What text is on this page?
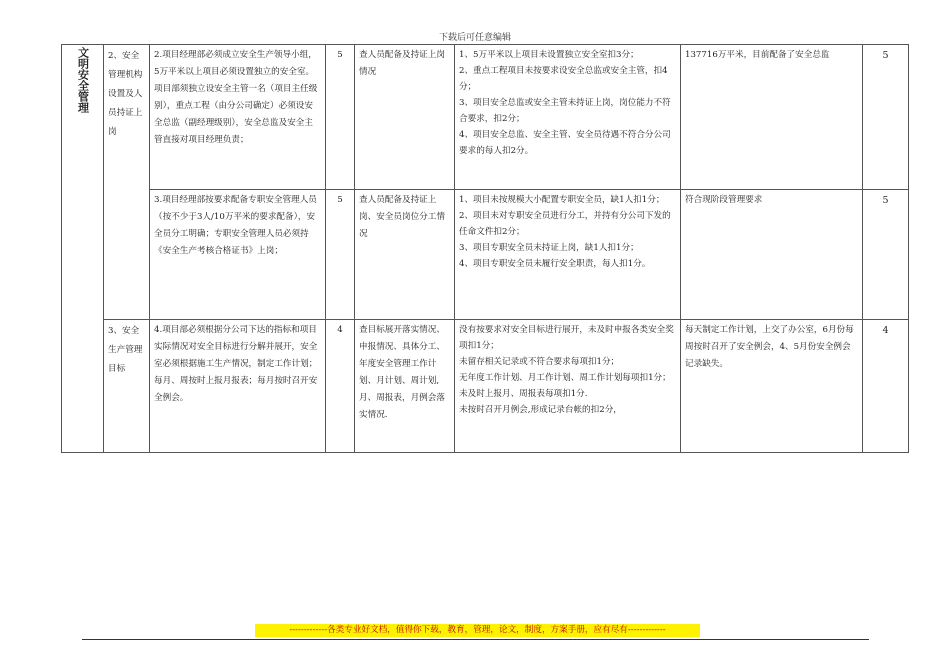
下载后可任意编辑
文明安全管理	2、安全管理机构设置及人员持证上岗	2.项目经理部必须成立安全生产领导小组，5万平米以上项目必须设置独立的安全室。项目部须独立设安全主管一名（项目主任级别），重点工程（由分公司确定）必须设安全总监（副经理级别），安全总监及安全主管直接对项目经理负责；	5	查人员配备及持证上岗情况	1、5万平米以上项目未设置独立安全室扣3分；
2、重点工程项目未按要求设安全总监或安全主管，扣4分；
3、项目安全总监或安全主管未持证上岗，岗位能力不符合要求，扣2分；
4、项目安全总监、安全主管、安全员待遇不符合分公司要求的每人扣2分。	137716万平米，目前配备了安全总监	5
		3.项目经理部按要求配备专职安全管理人员（按不少于3人/10万平米的要求配备），安全员分工明确；专职安全管理人员必须持《安全生产考核合格证书》上岗；	5	查人员配备及持证上岗、安全员岗位分工情况	1、项目未按规模大小配置专职安全员，缺1人扣1分；
2、项目未对专职安全员进行分工，并持有分公司下发的任命文件扣2分；
3、项目专职安全员未持证上岗，缺1人扣1分；
4、项目专职安全员未履行安全职责，每人扣1分。	符合现阶段管理要求	5
	3、安全生产管理目标	4.项目部必须根据分公司下达的指标和项目实际情况对安全目标进行分解并展开，安全室必须根据施工生产情况，制定工作计划；每月、周按时上报月报表；每月按时召开安全例会。	4	查目标展开落实情况、申报情况、具体分工、年度安全管理工作计划、月计划、周计划,月、周报表，月例会落实情况.	没有按要求对安全目标进行展开，未及时申报各类安全奖项扣1分；
未留存相关记录或不符合要求每项扣1分；
无年度工作计划、月工作计划、周工作计划每项扣1分；
未及时上报月、周报表每项扣1分.
未按时召开月例会,形成记录台帐的扣2分，	每天制定工作计划，上交了办公室，6月份每周按时召开了安全例会，4、5月份安全例会记录缺失。	4
-------------各类专业好文档，值得你下载，教育，管理，论文，制度，方案手册，应有尽有-------------
